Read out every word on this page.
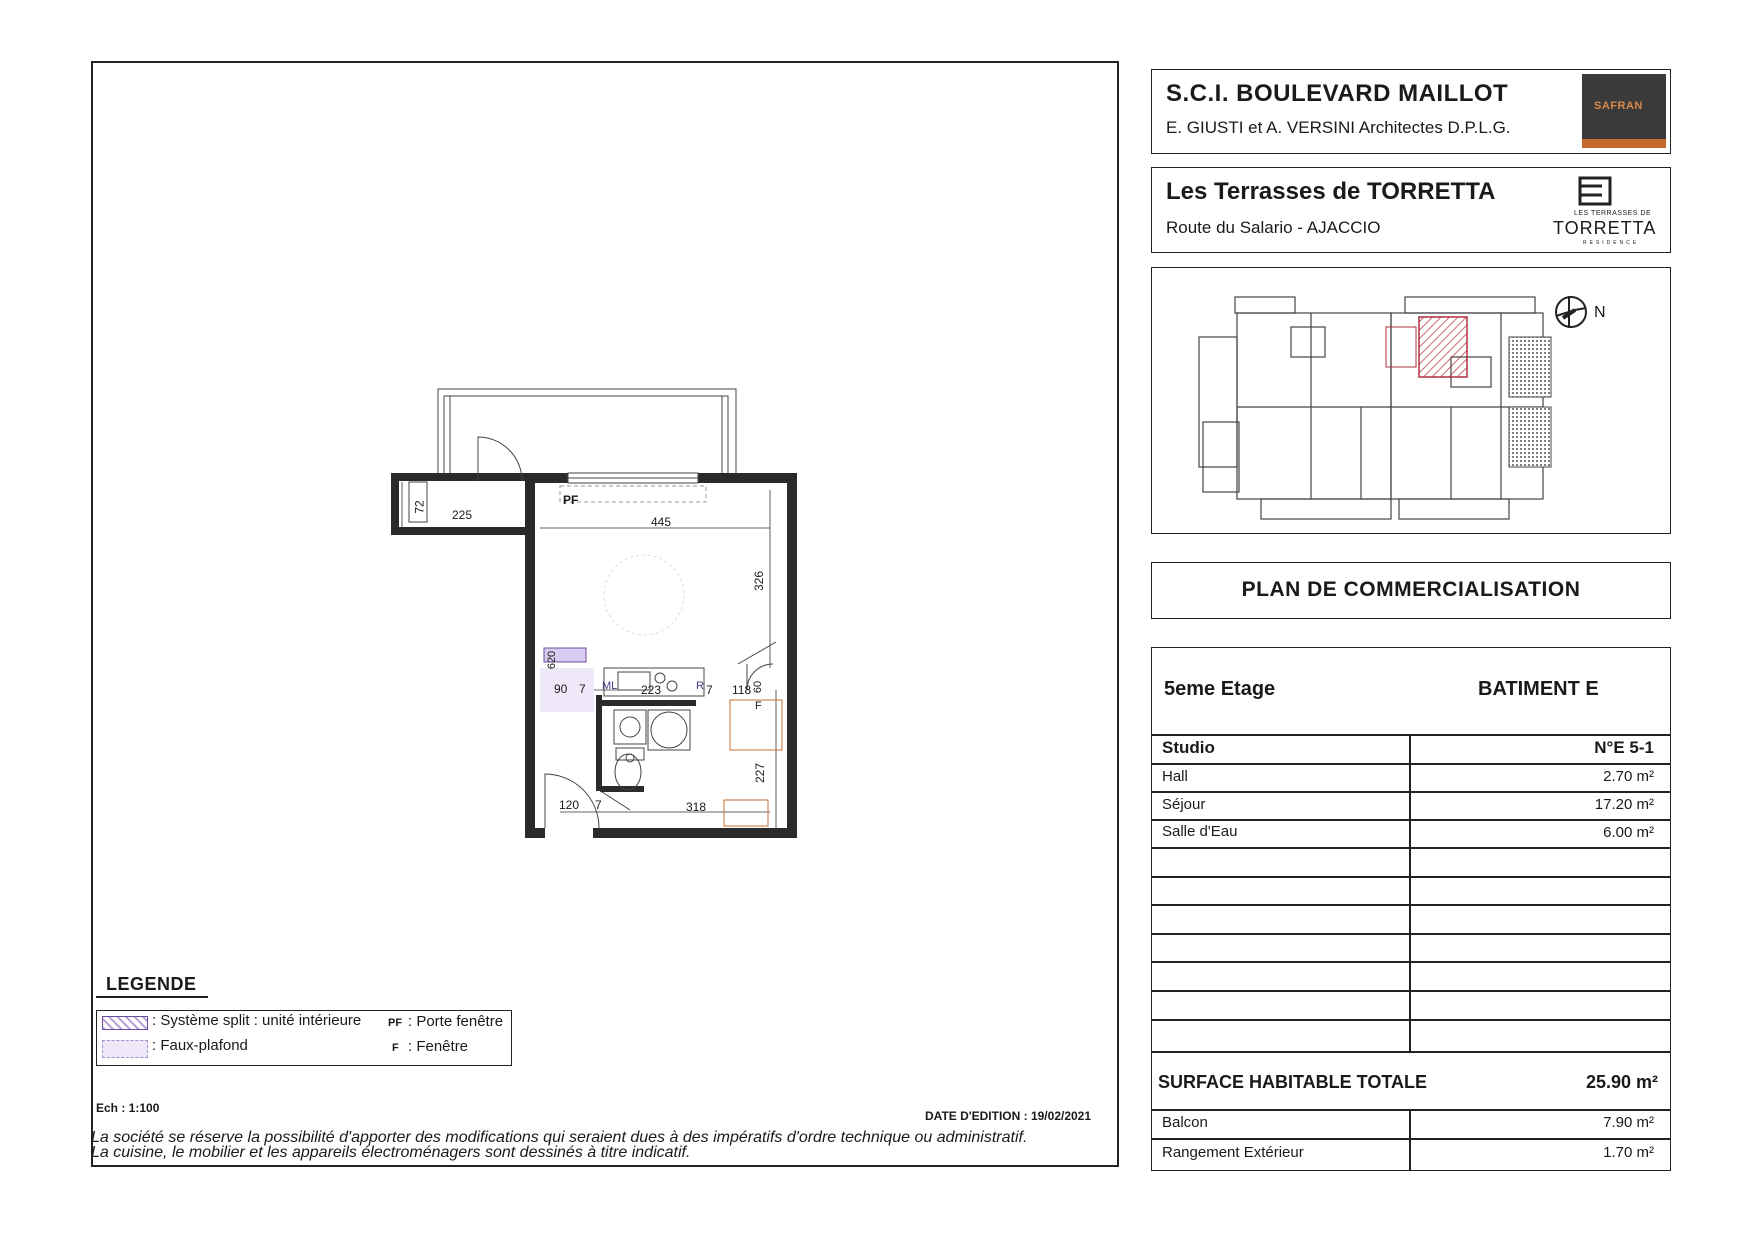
225
72	PF
445
326
620
90 7 ML 223	R 7 118 60
227
120 7	318
F
LEGENDE
: Système split : unité intérieure
: Faux-plafond
PF : Porte fenêtre
F : Fenêtre
Ech : 1:100
DATE D'EDITION : 19/02/2021
La société se réserve la possibilité d'apporter des modifications qui seraient dues à des impératifs d'ordre technique ou administratif.
La cuisine, le mobilier et les appareils électroménagers sont dessinés à titre indicatif.
S.C.I. BOULEVARD MAILLOT
E. GIUSTI et A. VERSINI Architectes D.P.L.G.
SAFRAN
Les Terrasses de TORRETTA
Route du Salario - AJACCIO
LES TERRASSES DE
TORRETTA
RESIDENCE
N
PLAN DE COMMERCIALISATION
5eme Etage	BATIMENT E
Studio	N°E 5-1
Hall	2.70 m²
Séjour	17.20 m²
Salle d'Eau	6.00 m²
SURFACE HABITABLE TOTALE	25.90 m²
Balcon	7.90 m²
Rangement Extérieur	1.70 m²
